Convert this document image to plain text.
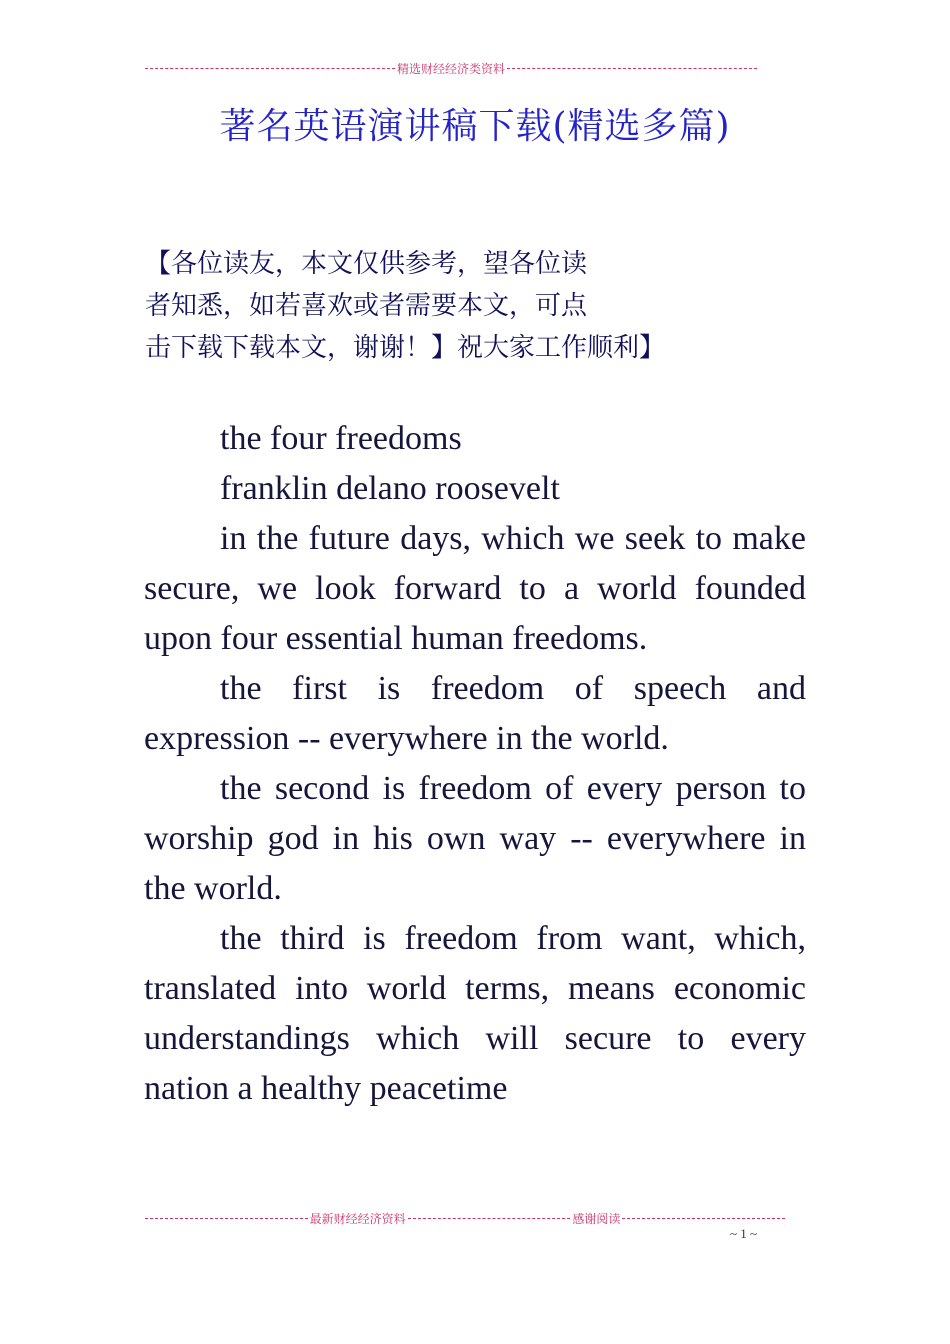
精选财经经济类资料
著名英语演讲稿下载(精选多篇)
【各位读友，本文仅供参考，望各位读
者知悉，如若喜欢或者需要本文，可点
击下载下载本文，谢谢！】祝大家工作顺利】

the four freedoms

franklin delano roosevelt

in the future days, which we seek to make secure, we look forward to a world founded upon four essential human freedoms.

the first is freedom of speech and expression -- everywhere in the world.

the second is freedom of every person to worship god in his own way -- everywhere in the world.

the third is freedom from want, which, translated into world terms, means economic understandings which will secure to every nation a healthy peacetime

最新财经经济资料	感谢阅读
~ 1 ~
